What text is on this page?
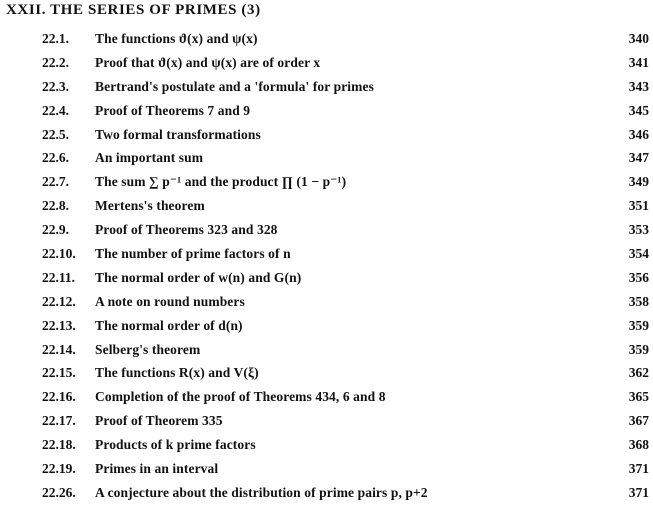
XXII. THE SERIES OF PRIMES (3)
22.1. The functions ϑ(x) and ψ(x)	340
22.2. Proof that ϑ(x) and ψ(x) are of order x	341
22.3. Bertrand's postulate and a 'formula' for primes	343
22.4. Proof of Theorems 7 and 9	345
22.5. Two formal transformations	346
22.6. An important sum	347
22.7. The sum ∑ p⁻¹ and the product ∏ (1 − p⁻¹)	349
22.8. Mertens's theorem	351
22.9. Proof of Theorems 323 and 328	353
22.10. The number of prime factors of n	354
22.11. The normal order of w(n) and G(n)	356
22.12. A note on round numbers	358
22.13. The normal order of d(n)	359
22.14. Selberg's theorem	359
22.15. The functions R(x) and V(ξ)	362
22.16. Completion of the proof of Theorems 434, 6 and 8	365
22.17. Proof of Theorem 335	367
22.18. Products of k prime factors	368
22.19. Primes in an interval	371
22.26. A conjecture about the distribution of prime pairs p, p+2	371
